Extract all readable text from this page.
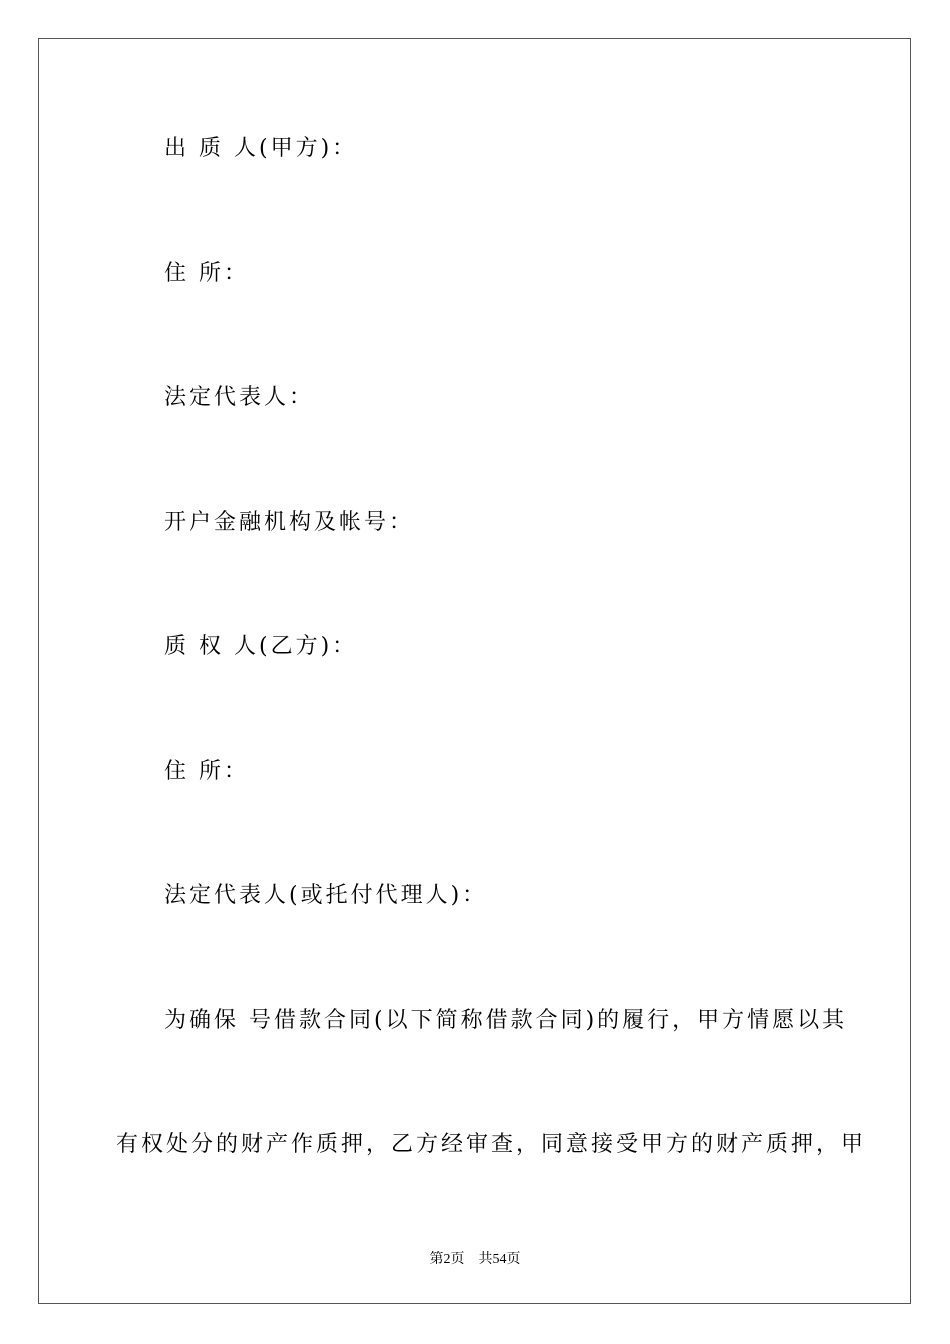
出 质 人(甲方)：
住 所：
法定代表人：
开户金融机构及帐号：
质 权 人(乙方)：
住 所：
法定代表人(或托付代理人)：
为确保 号借款合同(以下简称借款合同)的履行，甲方情愿以其
有权处分的财产作质押，乙方经审查，同意接受甲方的财产质押，甲
第2页 共54页
